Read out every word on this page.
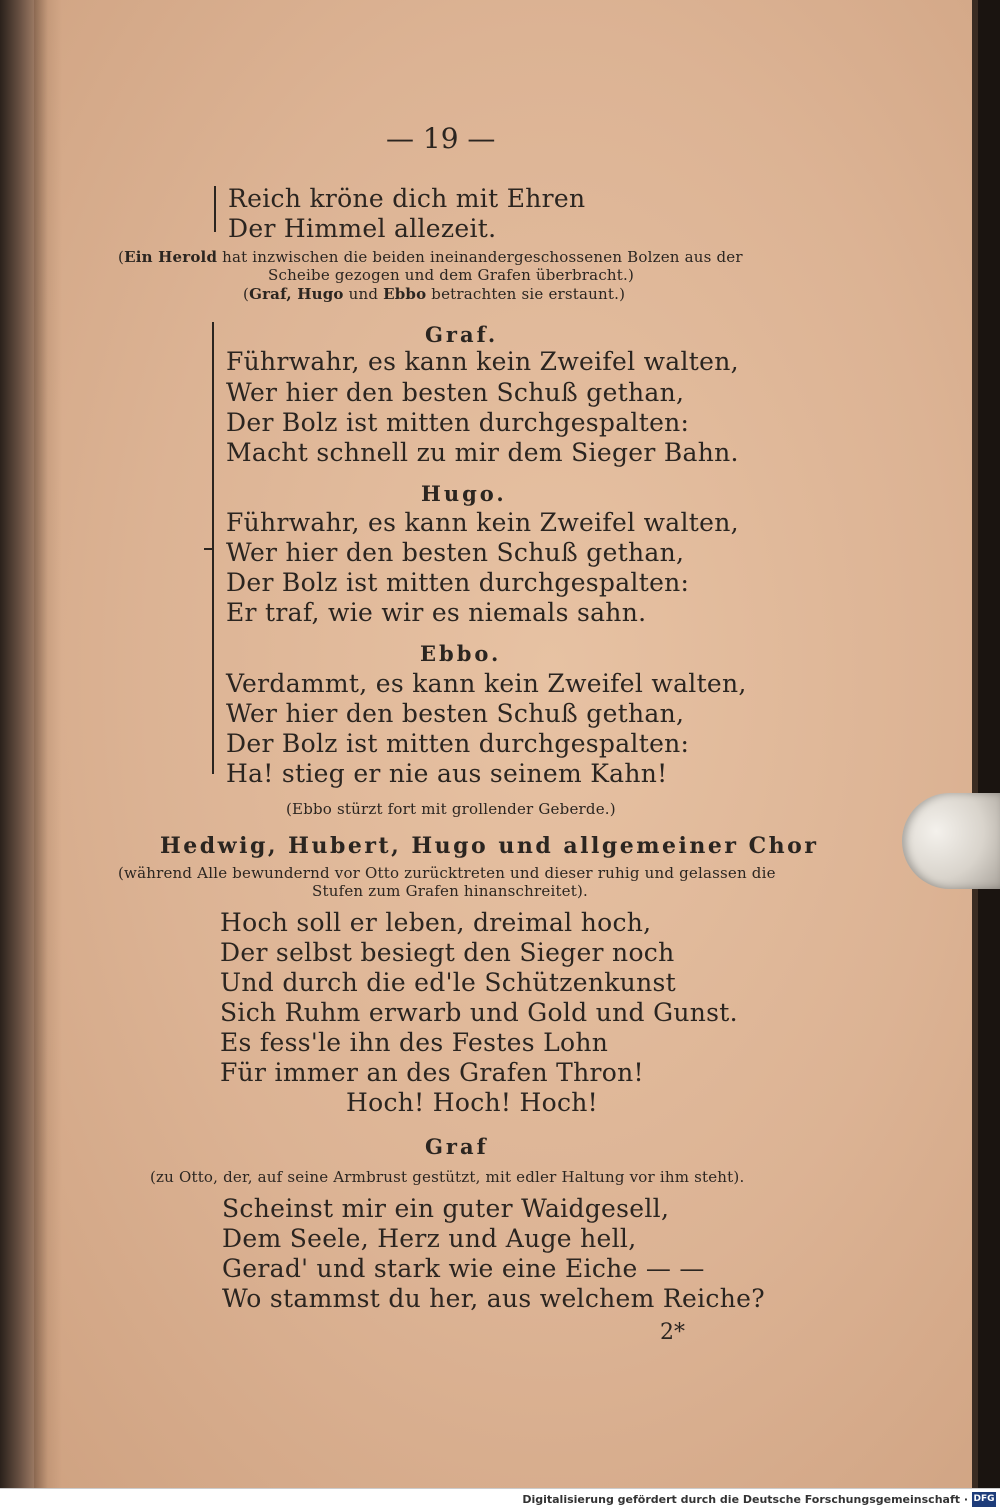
— 19 —
Reich kröne dich mit Ehren
Der Himmel allezeit.
(Ein Herold hat inzwischen die beiden ineinandergeschossenen Bolzen aus der
Scheibe gezogen und dem Grafen überbracht.)
(Graf, Hugo und Ebbo betrachten sie erstaunt.)
Graf.
Führwahr, es kann kein Zweifel walten,
Wer hier den besten Schuß gethan,
Der Bolz ist mitten durchgespalten:
Macht schnell zu mir dem Sieger Bahn.
Hugo.
Führwahr, es kann kein Zweifel walten,
Wer hier den besten Schuß gethan,
Der Bolz ist mitten durchgespalten:
Er traf, wie wir es niemals sahn.
Ebbo.
Verdammt, es kann kein Zweifel walten,
Wer hier den besten Schuß gethan,
Der Bolz ist mitten durchgespalten:
Ha! stieg er nie aus seinem Kahn!
(Ebbo stürzt fort mit grollender Geberde.)
Hedwig, Hubert, Hugo und allgemeiner Chor
(während Alle bewundernd vor Otto zurücktreten und dieser ruhig und gelassen die
Stufen zum Grafen hinanschreitet).
Hoch soll er leben, dreimal hoch,
Der selbst besiegt den Sieger noch
Und durch die ed'le Schützenkunst
Sich Ruhm erwarb und Gold und Gunst.
Es fess'le ihn des Festes Lohn
Für immer an des Grafen Thron!
Hoch! Hoch! Hoch!
Graf
(zu Otto, der, auf seine Armbrust gestützt, mit edler Haltung vor ihm steht).
Scheinst mir ein guter Waidgesell,
Dem Seele, Herz und Auge hell,
Gerad' und stark wie eine Eiche — —
Wo stammst du her, aus welchem Reiche?
2*
Digitalisierung gefördert durch die Deutsche Forschungsgemeinschaft · DFG
